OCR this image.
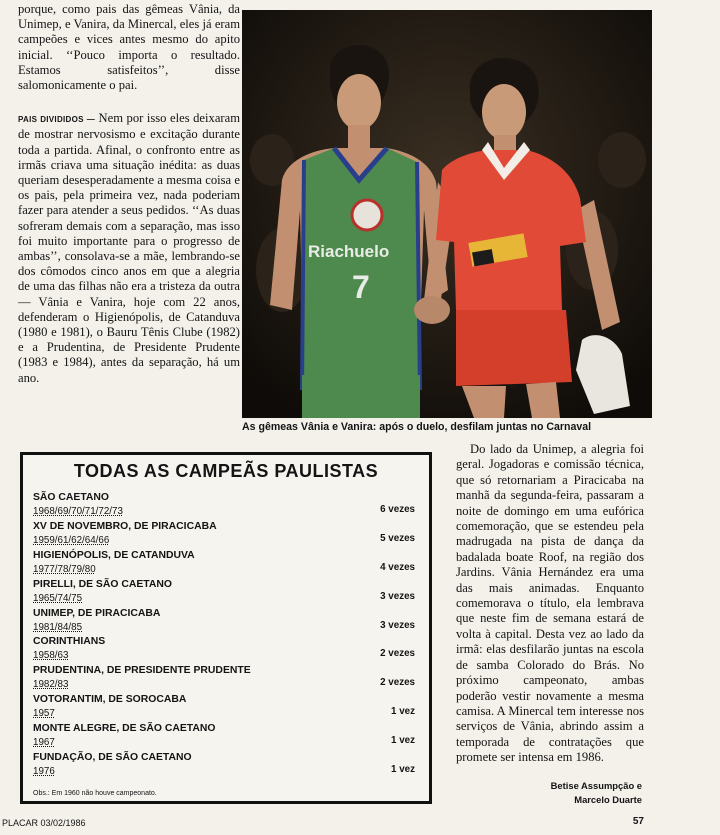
porque, como pais das gêmeas Vânia, da Unimep, e Vanira, da Minercal, eles já eram campeões e vices antes mesmo do apito inicial. ‘‘Pouco importa o resultado. Estamos satisfeitos’’, disse salomonicamente o pai.

PAIS DIVIDIDOS — Nem por isso eles deixaram de mostrar nervosismo e excitação durante toda a partida. Afinal, o confronto entre as irmãs criava uma situação inédita: as duas queriam desesperadamente a mesma coisa e os pais, pela primeira vez, nada poderiam fazer para atender a seus pedidos. ‘‘As duas sofreram demais com a separação, mas isso foi muito importante para o progresso de ambas’’, consolava-se a mãe, lembrando-se dos cômodos cinco anos em que a alegria de uma das filhas não era a tristeza da outra — Vânia e Vanira, hoje com 22 anos, defenderam o Higienópolis, de Catanduva (1980 e 1981), o Bauru Tênis Clube (1982) e a Prudentina, de Presidente Prudente (1983 e 1984), antes da separação, há um ano.

Riachuelo
7
As gêmeas Vânia e Vanira: após o duelo, desfilam juntas no Carnaval
TODAS AS CAMPEÃS PAULISTAS
SÃO CAETANO
1968/69/70/71/72/73	6 vezes
XV DE NOVEMBRO, DE PIRACICABA
1959/61/62/64/66	5 vezes
HIGIENÓPOLIS, DE CATANDUVA
1977/78/79/80	4 vezes
PIRELLI, DE SÃO CAETANO
1965/74/75	3 vezes
UNIMEP, DE PIRACICABA
1981/84/85	3 vezes
CORINTHIANS
1958/63	2 vezes
PRUDENTINA, DE PRESIDENTE PRUDENTE
1982/83	2 vezes
VOTORANTIM, DE SOROCABA
1957	1 vez
MONTE ALEGRE, DE SÃO CAETANO
1967	1 vez
FUNDAÇÃO, DE SÃO CAETANO
1976	1 vez
Obs.: Em 1960 não houve campeonato.

Do lado da Unimep, a alegria foi geral. Jogadoras e comissão técnica, que só retornariam a Piracicaba na manhã da segunda-feira, passaram a noite de domingo em uma eufórica comemoração, que se estendeu pela madrugada na pista de dança da badalada boate Roof, na região dos Jardins. Vânia Hernández era uma das mais animadas. Enquanto comemorava o título, ela lembrava que neste fim de semana estará de volta à capital. Desta vez ao lado da irmã: elas desfilarão juntas na escola de samba Colorado do Brás. No próximo campeonato, ambas poderão vestir novamente a mesma camisa. A Minercal tem interesse nos serviços de Vânia, abrindo assim a temporada de contratações que promete ser intensa em 1986.

Betise Assumpção e
Marcelo Duarte
PLACAR 03/02/1986	57
